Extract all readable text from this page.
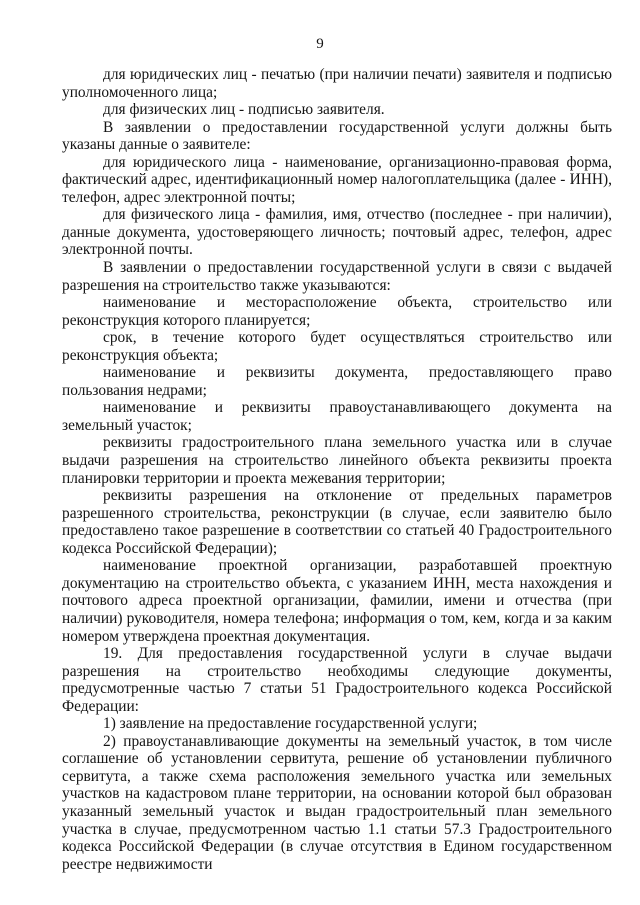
9

для юридических лиц - печатью (при наличии печати) заявителя и подписью уполномоченного лица;

для физических лиц - подписью заявителя.

В заявлении о предоставлении государственной услуги должны быть указаны данные о заявителе:

для юридического лица - наименование, организационно-правовая форма, фактический адрес, идентификационный номер налогоплательщика (далее - ИНН), телефон, адрес электронной почты;

для физического лица - фамилия, имя, отчество (последнее - при наличии), данные документа, удостоверяющего личность; почтовый адрес, телефон, адрес электронной почты.

В заявлении о предоставлении государственной услуги в связи с выдачей разрешения на строительство также указываются:

наименование и месторасположение объекта, строительство или реконструкция которого планируется;

срок, в течение которого будет осуществляться строительство или реконструкция объекта;

наименование и реквизиты документа, предоставляющего право пользования недрами;

наименование и реквизиты правоустанавливающего документа на земельный участок;

реквизиты градостроительного плана земельного участка или в случае выдачи разрешения на строительство линейного объекта реквизиты проекта планировки территории и проекта межевания территории;

реквизиты разрешения на отклонение от предельных параметров разрешенного строительства, реконструкции (в случае, если заявителю было предоставлено такое разрешение в соответствии со статьей 40 Градостроительного кодекса Российской Федерации);

наименование проектной организации, разработавшей проектную документацию на строительство объекта, с указанием ИНН, места нахождения и почтового адреса проектной организации, фамилии, имени и отчества (при наличии) руководителя, номера телефона; информация о том, кем, когда и за каким номером утверждена проектная документация.

19. Для предоставления государственной услуги в случае выдачи разрешения на строительство необходимы следующие документы, предусмотренные частью 7 статьи 51 Градостроительного кодекса Российской Федерации:

1) заявление на предоставление государственной услуги;

2) правоустанавливающие документы на земельный участок, в том числе соглашение об установлении сервитута, решение об установлении публичного сервитута, а также схема расположения земельного участка или земельных участков на кадастровом плане территории, на основании которой был образован указанный земельный участок и выдан градостроительный план земельного участка в случае, предусмотренном частью 1.1 статьи 57.3 Градостроительного кодекса Российской Федерации (в случае отсутствия в Едином государственном реестре недвижимости
